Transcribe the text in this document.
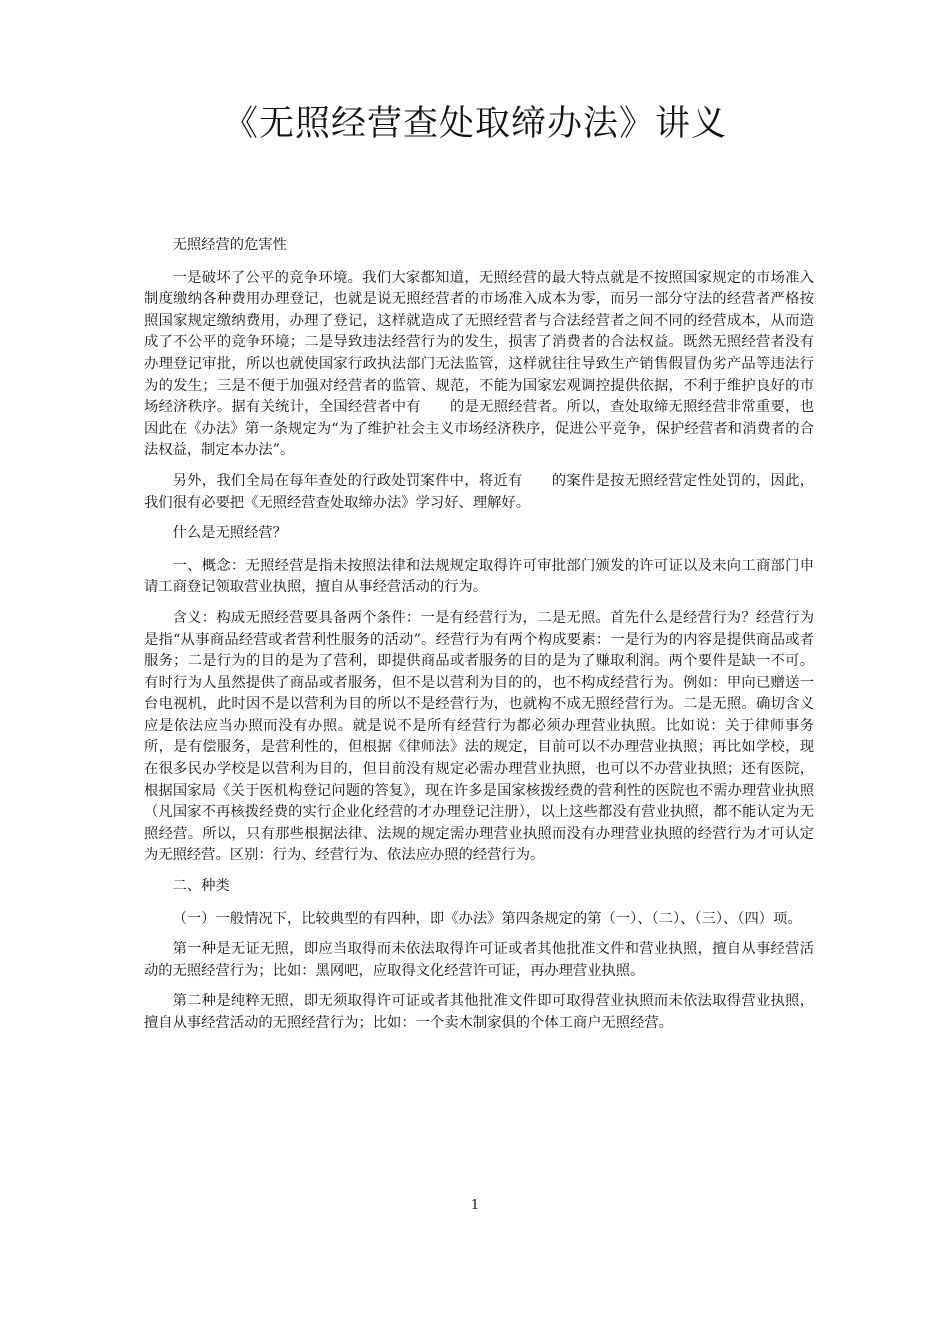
《无照经营查处取缔办法》讲义

无照经营的危害性

一是破坏了公平的竞争环境。我们大家都知道，无照经营的最大特点就是不按照国家规定的市场准入制度缴纳各种费用办理登记，也就是说无照经营者的市场准入成本为零，而另一部分守法的经营者严格按照国家规定缴纳费用，办理了登记，这样就造成了无照经营者与合法经营者之间不同的经营成本，从而造成了不公平的竞争环境；二是导致违法经营行为的发生，损害了消费者的合法权益。既然无照经营者没有办理登记审批，所以也就使国家行政执法部门无法监管，这样就往往导致生产销售假冒伪劣产品等违法行为的发生；三是不便于加强对经营者的监管、规范，不能为国家宏观调控提供依据，不利于维护良好的市场经济秩序。据有关统计，全国经营者中有　　的是无照经营者。所以，查处取缔无照经营非常重要，也因此在《办法》第一条规定为“为了维护社会主义市场经济秩序，促进公平竞争，保护经营者和消费者的合法权益，制定本办法”。

另外，我们全局在每年查处的行政处罚案件中，将近有　　的案件是按无照经营定性处罚的，因此，我们很有必要把《无照经营查处取缔办法》学习好、理解好。

什么是无照经营？

一、概念：无照经营是指未按照法律和法规规定取得许可审批部门颁发的许可证以及未向工商部门申请工商登记领取营业执照，擅自从事经营活动的行为。

含义：构成无照经营要具备两个条件：一是有经营行为，二是无照。首先什么是经营行为？经营行为是指“从事商品经营或者营利性服务的活动”。经营行为有两个构成要素：一是行为的内容是提供商品或者服务；二是行为的目的是为了营利，即提供商品或者服务的目的是为了赚取利润。两个要件是缺一不可。有时行为人虽然提供了商品或者服务，但不是以营利为目的的，也不构成经营行为。例如：甲向已赠送一台电视机，此时因不是以营利为目的所以不是经营行为，也就构不成无照经营行为。二是无照。确切含义应是依法应当办照而没有办照。就是说不是所有经营行为都必须办理营业执照。比如说：关于律师事务所，是有偿服务，是营利性的，但根据《律师法》法的规定，目前可以不办理营业执照；再比如学校，现在很多民办学校是以营利为目的，但目前没有规定必需办理营业执照，也可以不办营业执照；还有医院，根据国家局《关于医机构登记问题的答复》，现在许多是国家核拨经费的营利性的医院也不需办理营业执照（凡国家不再核拨经费的实行企业化经营的才办理登记注册），以上这些都没有营业执照，都不能认定为无照经营。所以，只有那些根据法律、法规的规定需办理营业执照而没有办理营业执照的经营行为才可认定为无照经营。区别：行为、经营行为、依法应办照的经营行为。

二、种类

（一）一般情况下，比较典型的有四种，即《办法》第四条规定的第（一）、（二）、（三）、（四）项。

第一种是无证无照，即应当取得而未依法取得许可证或者其他批准文件和营业执照，擅自从事经营活动的无照经营行为；比如：黑网吧，应取得文化经营许可证，再办理营业执照。

第二种是纯粹无照，即无须取得许可证或者其他批准文件即可取得营业执照而未依法取得营业执照，擅自从事经营活动的无照经营行为；比如：一个卖木制家俱的个体工商户无照经营。

1
